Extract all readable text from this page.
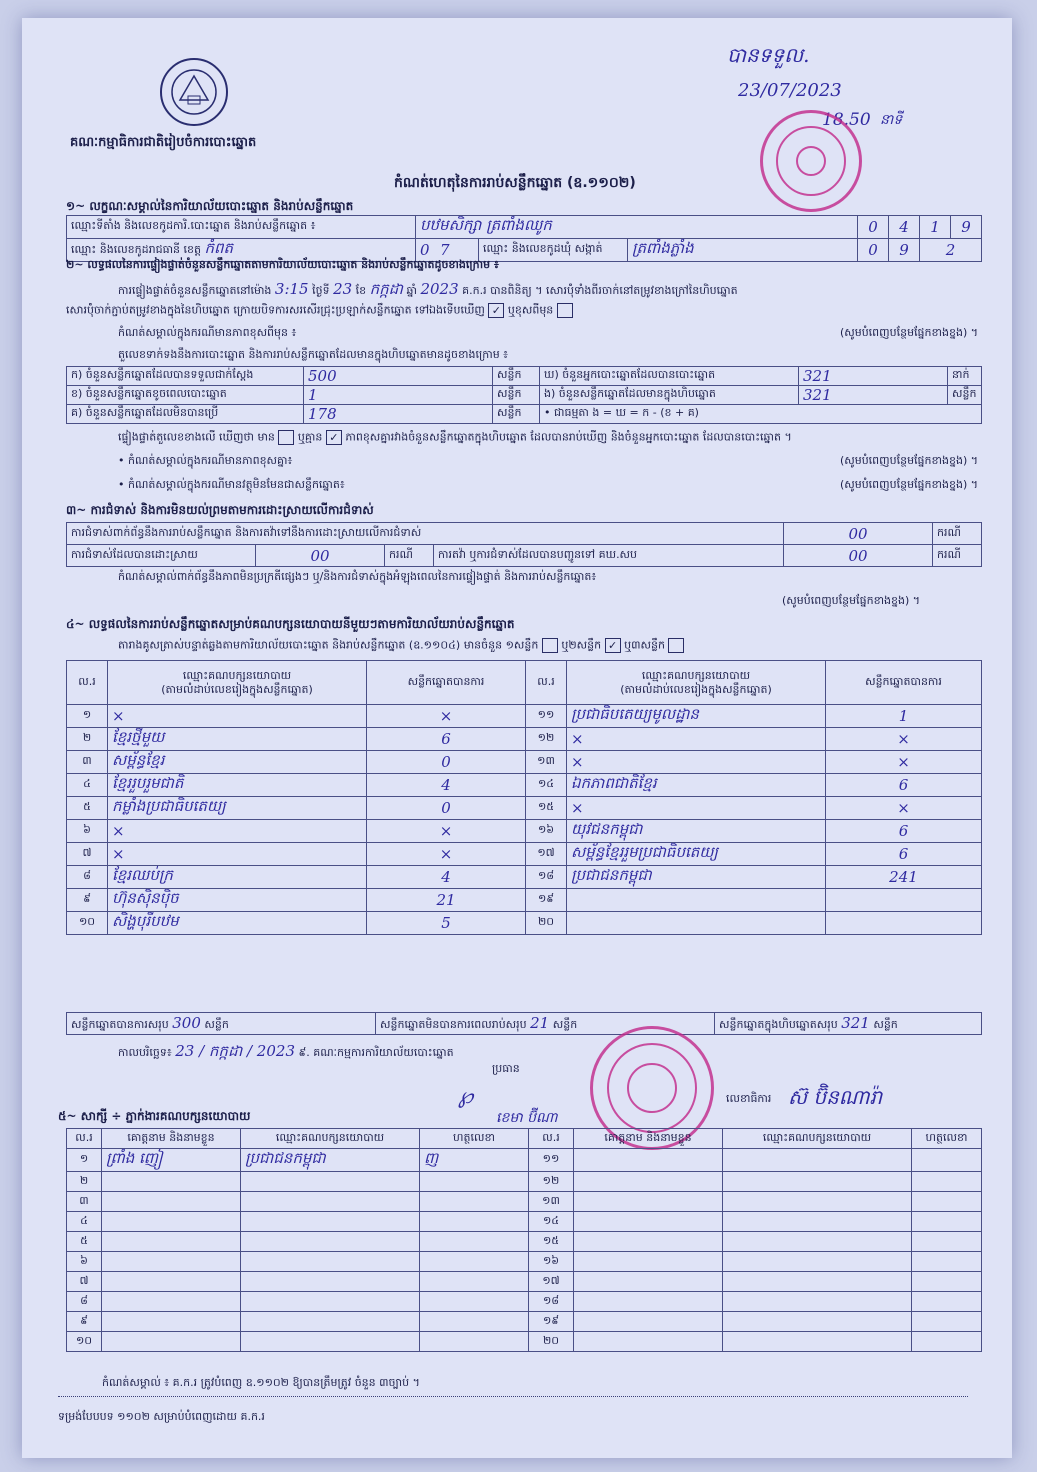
គណៈកម្មាធិការជាតិរៀបចំការបោះឆ្នោត
បានទទួល.
23/07/2023
18.50 នាទី
កំណត់ហេតុនៃការរាប់សន្លឹកឆ្នោត (ឧ.១១០២)
១~ លក្ខណៈសម្គាល់នៃការិយាល័យបោះឆ្នោត និងរាប់សន្លឹកឆ្នោត
ឈ្មោះទីតាំង និងលេខកូដការិ.បោះឆ្នោត និងរាប់សន្លឹកឆ្នោត ៖	បឋមសិក្សា ត្រពាំងឈូក			0	4	1	9
ឈ្មោះ និងលេខកូដរាជធានី ខេត្ត កំពត	0 7	ឈ្មោះ និងលេខកូដឃុំ សង្កាត់	ត្រពាំងភ្លាំង	0	9	2	
២~ លទ្ធផលនៃការផ្ទៀងផ្ទាត់ចំនួនសន្លឹកឆ្នោតតាមការិយាល័យបោះឆ្នោត និងរាប់សន្លឹកឆ្នោតដូចខាងក្រោម ៖
ការផ្ទៀងផ្ទាត់ចំនួនសន្លឹកឆ្នោតនៅម៉ោង 3:15 ថ្ងៃទី 23 ខែ កក្កដា ឆ្នាំ 2023 គ.ក.រ បានពិនិត្យ ។ សោរប៉ុំទាំងពីរចាក់នៅតម្រូវខាងក្រៅនៃហិបឆ្នោត
សោរប៉ុំចាក់ភ្ជាប់តម្រូវខាងក្នុងនៃហិបឆ្នោត ក្រោយបិទការសរសើរជ្រុះប្រឡាក់សន្លឹកឆ្នោត ទៅឯងទើបឃើញ ✓ ឬខុសពីមុន
កំណត់សម្គាល់ក្នុងករណីមានភាពខុសពីមុន ៖	(សូមបំពេញបន្ថែមផ្នែកខាងខ្នង) ។
តួលេខទាក់ទងនឹងការបោះឆ្នោត និងការរាប់សន្លឹកឆ្នោតដែលមានក្នុងហិបឆ្នោតមានដូចខាងក្រោម ៖
ក) ចំនួនសន្លឹកឆ្នោតដែលបានទទួលជាក់ស្តែង	500	សន្លឹក	ឃ) ចំនួនអ្នកបោះឆ្នោតដែលបានបោះឆ្នោត	321	នាក់
ខ) ចំនួនសន្លឹកឆ្នោតខូចពេលបោះឆ្នោត	1	សន្លឹក	ង) ចំនួនសន្លឹកឆ្នោតដែលមានក្នុងហិបឆ្នោត	321	សន្លឹក
គ) ចំនួនសន្លឹកឆ្នោតដែលមិនបានប្រើ	178	សន្លឹក	• ជាធម្មតា ង = ឃ = ក - (ខ + គ)		
ផ្ទៀងផ្ទាត់តួលេខខាងលើ ឃើញថា មាន ឬគ្មាន ✓ ភាពខុសគ្នារវាងចំនួនសន្លឹកឆ្នោតក្នុងហិបឆ្នោត ដែលបានរាប់ឃើញ និងចំនួនអ្នកបោះឆ្នោត ដែលបានបោះឆ្នោត ។
• កំណត់សម្គាល់ក្នុងករណីមានភាពខុសគ្នា៖	(សូមបំពេញបន្ថែមផ្នែកខាងខ្នង) ។
• កំណត់សម្គាល់ក្នុងករណីមានវត្ថុមិនមែនជាសន្លឹកឆ្នោត៖	(សូមបំពេញបន្ថែមផ្នែកខាងខ្នង) ។
៣~ ការជំទាស់ និងការមិនយល់ព្រមតាមការដោះស្រាយលើការជំទាស់
ការជំទាស់ពាក់ព័ន្ធនឹងការរាប់សន្លឹកឆ្នោត និងការតវ៉ាទៅនឹងការដោះស្រាយលើការជំទាស់				00	ករណី
ការជំទាស់ដែលបានដោះស្រាយ	00	ករណី	ការតវ៉ា ឬការជំទាស់ដែលបានបញ្ជូនទៅ គឃ.សប	00	ករណី
កំណត់សម្គាល់ពាក់ព័ន្ធនឹងភាពមិនប្រក្រតីផ្សេងៗ ឬ/និងការជំទាស់ក្នុងអំឡុងពេលនៃការផ្ទៀងផ្ទាត់ និងការរាប់សន្លឹកឆ្នោត៖
(សូមបំពេញបន្ថែមផ្នែកខាងខ្នង) ។
៤~ លទ្ធផលនៃការរាប់សន្លឹកឆ្នោតសម្រាប់គណបក្សនយោបាយនីមួយៗតាមការិយាល័យរាប់សន្លឹកឆ្នោត
តារាងគូសត្រាស់បន្ទាត់ឆ្លងតាមការិយាល័យបោះឆ្នោត និងរាប់សន្លឹកឆ្នោត (ឧ.១១០៤) មានចំនួន ១សន្លឹក ឬ២សន្លឹក ✓ ឬ៣សន្លឹក
ល.រ	ឈ្មោះគណបក្សនយោបាយ
(តាមលំដាប់លេខរៀងក្នុងសន្លឹកឆ្នោត)	សន្លឹកឆ្នោតបានការ	ល.រ	ឈ្មោះគណបក្សនយោបាយ
(តាមលំដាប់លេខរៀងក្នុងសន្លឹកឆ្នោត)	សន្លឹកឆ្នោតបានការ
១	×	×	១១	ប្រជាធិបតេយ្យមូលដ្ឋាន	1
២	ខ្មែរថ្មីមួយ	6	១២	×	×
៣	សម្ព័ន្ធខ្មែរ	0	១៣	×	×
៤	ខ្មែររួបរួមជាតិ	4	១៤	ឯកភាពជាតិខ្មែរ	6
៥	កម្លាំងប្រជាធិបតេយ្យ	0	១៥	×	×
៦	×	×	១៦	យុវជនកម្ពុជា	6
៧	×	×	១៧	សម្ព័ន្ធខ្មែររួមប្រជាធិបតេយ្យ	6
៨	ខ្មែរឈប់ក្រ	4	១៨	ប្រជាជនកម្ពុជា	241
៩	ហ៊ុនស៊ិនប៉ិច	21	១៩		
១០	សិង្ហបុរីបឋម	5	២០		
សន្លឹកឆ្នោតបានការសរុប 300 សន្លឹក	សន្លឹកឆ្នោតមិនបានការពេលរាប់សរុប 21 សន្លឹក	សន្លឹកឆ្នោតក្នុងហិបឆ្នោតសរុប 321 សន្លឹក
កាលបរិច្ឆេទ៖ 23 / កក្កដា / 2023 ៩. គណៈកម្មការការិយាល័យបោះឆ្នោត
ប្រធាន
℘
ខេមា ប៊ីណា
លេខាធិការ ស៊ ប៊ិនណារ៉ា
៥~ សាក្សី ÷ ភ្នាក់ងារគណបក្សនយោបាយ
ល.រ	គោត្តនាម និងនាមខ្លួន	ឈ្មោះគណបក្សនយោបាយ	ហត្ថលេខា	ល.រ	គោត្តនាម និងនាមខ្លួន	ឈ្មោះគណបក្សនយោបាយ	ហត្ថលេខា
១	ព្រាំង ញៀ	ប្រជាជនកម្ពុជា	ញ	១១			
២				១២			
៣				១៣			
៤				១៤			
៥				១៥			
៦				១៦			
៧				១៧			
៨				១៨			
៩				១៩			
១០				២០			
កំណត់សម្គាល់ ៖ គ.ក.រ ត្រូវបំពេញ ឧ.១១០២ ឱ្យបានត្រឹមត្រូវ ចំនួន ៣ច្បាប់ ។
ទម្រង់បែបបទ ១១០២ សម្រាប់បំពេញដោយ គ.ក.រ
